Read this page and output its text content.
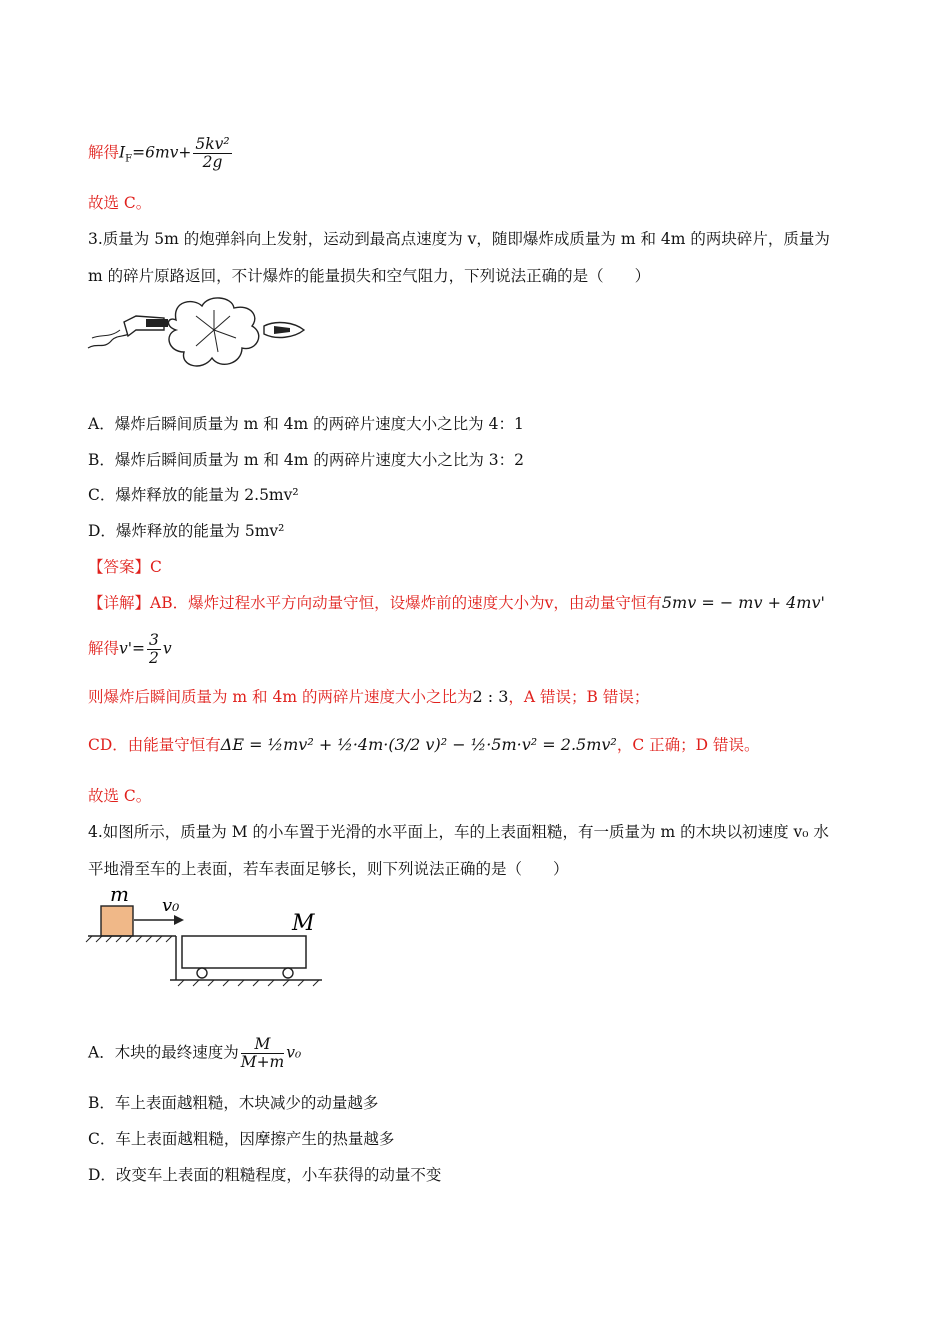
解得$I_F=6mv+ \frac{\text{5kv²}}{2g}$
故选 C。
3.质量为 5m 的炮弹斜向上发射，运动到最高点速度为 v，随即爆炸成质量为 m 和 4m 的两块碎片，质量为
m 的碎片原路返回，不计爆炸的能量损失和空气阻力，下列说法正确的是（　　）
A．爆炸后瞬间质量为 m 和 4m 的两碎片速度大小之比为 4：1
B．爆炸后瞬间质量为 m 和 4m 的两碎片速度大小之比为 3：2
C．爆炸释放的能量为 2.5mv²
D．爆炸释放的能量为 5mv²
【答案】C
【详解】AB．爆炸过程水平方向动量守恒，设爆炸前的速度大小为v，由动量守恒有5mv = − mv + 4mv'
解得$v'= \frac{3}{2}$ v
则爆炸后瞬间质量为 m 和 4m 的两碎片速度大小之比为2 : 3，A 错误；B 错误；
CD．由能量守恒有ΔE = ½mv² + ½·4m·(3/2 v)² − ½·5m·v² = 2.5mv²，C 正确；D 错误。
故选 C。
4.如图所示，质量为 M 的小车置于光滑的水平面上，车的上表面粗糙，有一质量为 m 的木块以初速度 v₀ 水
平地滑至车的上表面，若车表面足够长，则下列说法正确的是（　　）
m v₀
M
A．木块的最终速度为 $\frac{M}{M+m} v_0$
B．车上表面越粗糙，木块减少的动量越多
C．车上表面越粗糙，因摩擦产生的热量越多
D．改变车上表面的粗糙程度，小车获得的动量不变
